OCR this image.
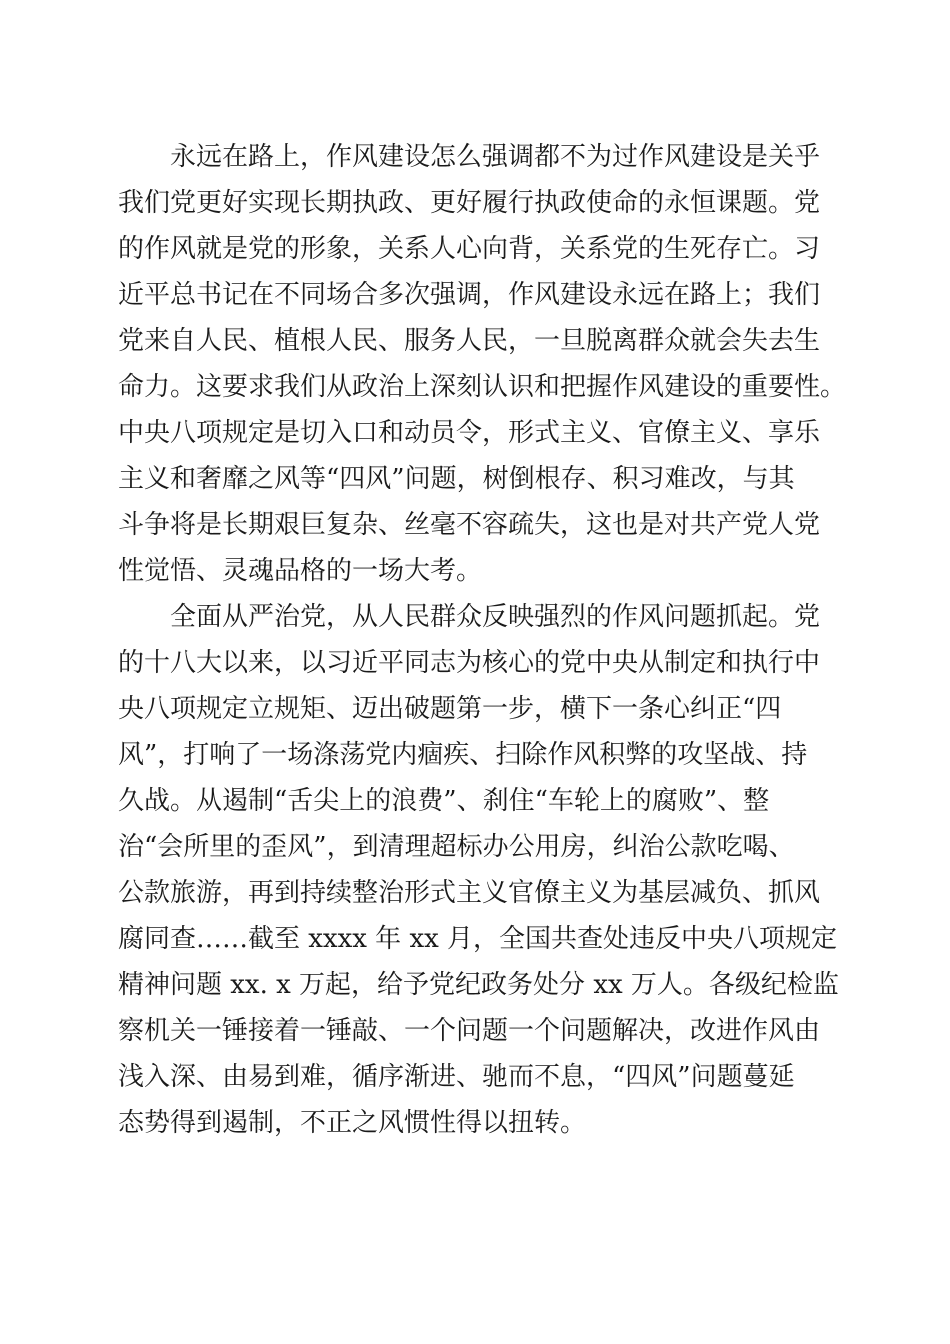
永远在路上，作风建设怎么强调都不为过作风建设是关乎
我们党更好实现长期执政、更好履行执政使命的永恒课题。党
的作风就是党的形象，关系人心向背，关系党的生死存亡。习
近平总书记在不同场合多次强调，作风建设永远在路上；我们
党来自人民、植根人民、服务人民，一旦脱离群众就会失去生
命力。这要求我们从政治上深刻认识和把握作风建设的重要性。
中央八项规定是切入口和动员令，形式主义、官僚主义、享乐
主义和奢靡之风等“四风”问题，树倒根存、积习难改，与其
斗争将是长期艰巨复杂、丝毫不容疏失，这也是对共产党人党
性觉悟、灵魂品格的一场大考。
全面从严治党，从人民群众反映强烈的作风问题抓起。党
的十八大以来，以习近平同志为核心的党中央从制定和执行中
央八项规定立规矩、迈出破题第一步，横下一条心纠正“四
风”，打响了一场涤荡党内痼疾、扫除作风积弊的攻坚战、持
久战。从遏制“舌尖上的浪费”、刹住“车轮上的腐败”、整
治“会所里的歪风”，到清理超标办公用房，纠治公款吃喝、
公款旅游，再到持续整治形式主义官僚主义为基层减负、抓风
腐同查……截至 xxxx 年 xx 月，全国共查处违反中央八项规定
精神问题 xx. x 万起，给予党纪政务处分 xx 万人。各级纪检监
察机关一锤接着一锤敲、一个问题一个问题解决，改进作风由
浅入深、由易到难，循序渐进、驰而不息，“四风”问题蔓延
态势得到遏制，不正之风惯性得以扭转。
